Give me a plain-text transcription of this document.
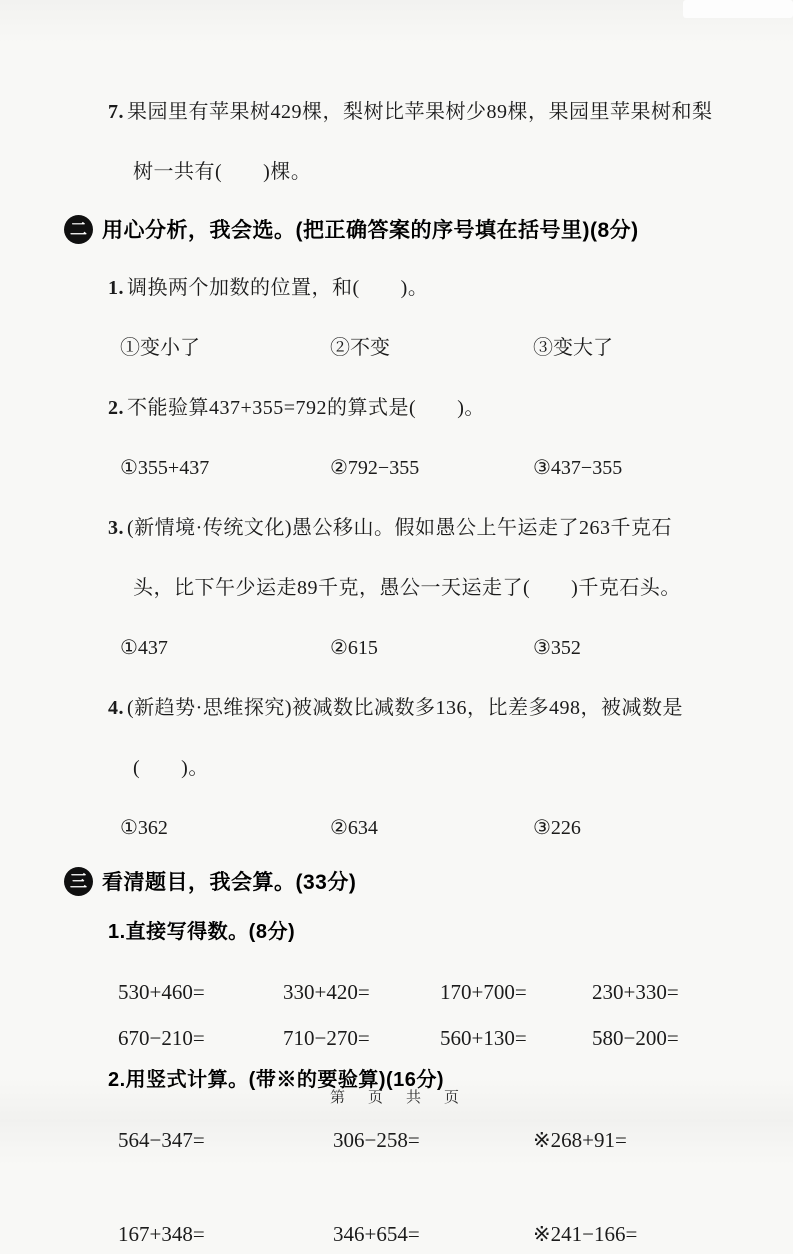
7. 果园里有苹果树429棵，梨树比苹果树少89棵，果园里苹果树和梨

树一共有(　　)棵。

二 用心分析，我会选。(把正确答案的序号填在括号里)(8分)

1. 调换两个加数的位置，和(　　)。

①变小了	②不变	③变大了

2. 不能验算437+355=792的算式是(　　)。

①355+437	②792−355	③437−355

3. (新情境·传统文化)愚公移山。假如愚公上午运走了263千克石

头，比下午少运走89千克，愚公一天运走了(　　)千克石头。

①437	②615	③352

4. (新趋势·思维探究)被减数比减数多136，比差多498，被减数是

(　　)。

①362	②634	③226
三 看清题目，我会算。(33分)

1.直接写得数。(8分)

530+460=	330+420=	170+700=	230+330=
670−210=	710−270=	560+130=	580−200=

2.用竖式计算。(带※的要验算)(16分)

564−347=	306−258=	※268+91=
167+348=	346+654=	※241−166=
第　页　共　页
